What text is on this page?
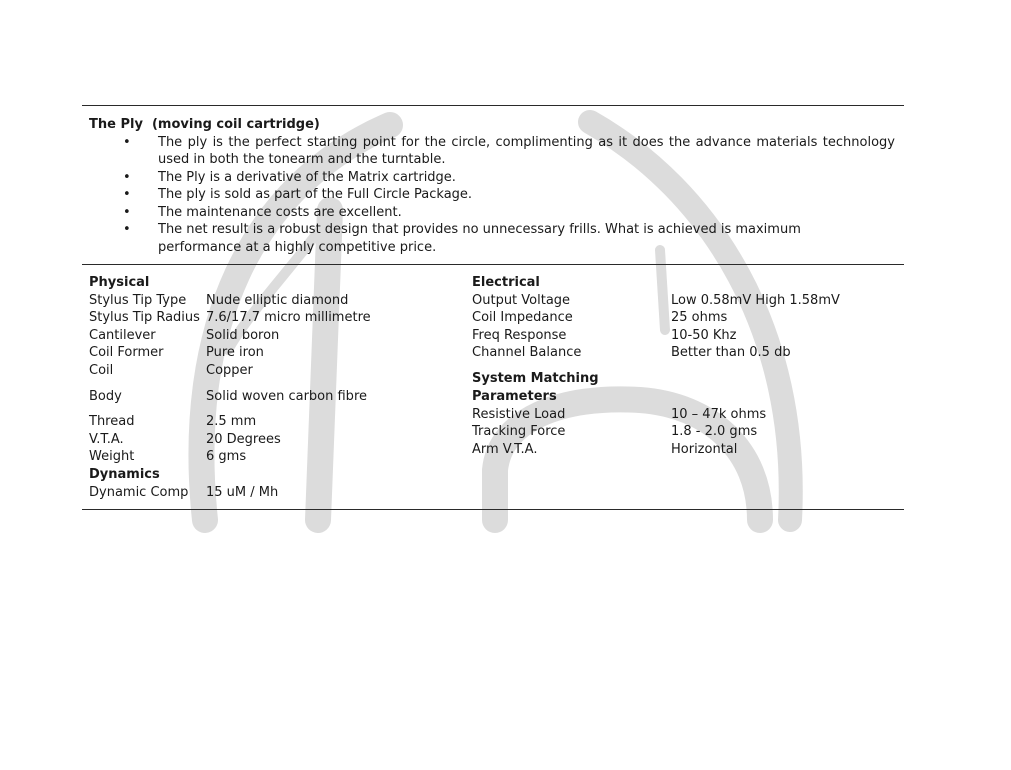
The Ply  (moving coil cartridge)
• The ply is the perfect starting point for the circle, complimenting as it does the advance materials technology used in both the tonearm and the turntable.
• The Ply is a derivative of the Matrix cartridge.
• The ply is sold as part of the Full Circle Package.
• The maintenance costs are excellent.
• The net result is a robust design that provides no unnecessary frills. What is achieved is maximum performance at a highly competitive price.
Physical
Stylus Tip Type	Nude elliptic diamond
Stylus Tip Radius 7.6/17.7 micro millimetre
Cantilever	Solid boron
Coil Former	Pure iron
Coil	Copper
Body	Solid woven carbon fibre
Thread	2.5 mm
V.T.A.	20 Degrees
Weight	6 gms
Dynamics
Dynamic Comp	15 uM / Mh
Electrical
Output Voltage	Low 0.58mV High 1.58mV
Coil Impedance	25 ohms
Freq Response	10-50 Khz
Channel Balance	Better than 0.5 db
System Matching
Parameters
Resistive Load	10 – 47k ohms
Tracking Force	1.8 - 2.0 gms
Arm V.T.A.	Horizontal
